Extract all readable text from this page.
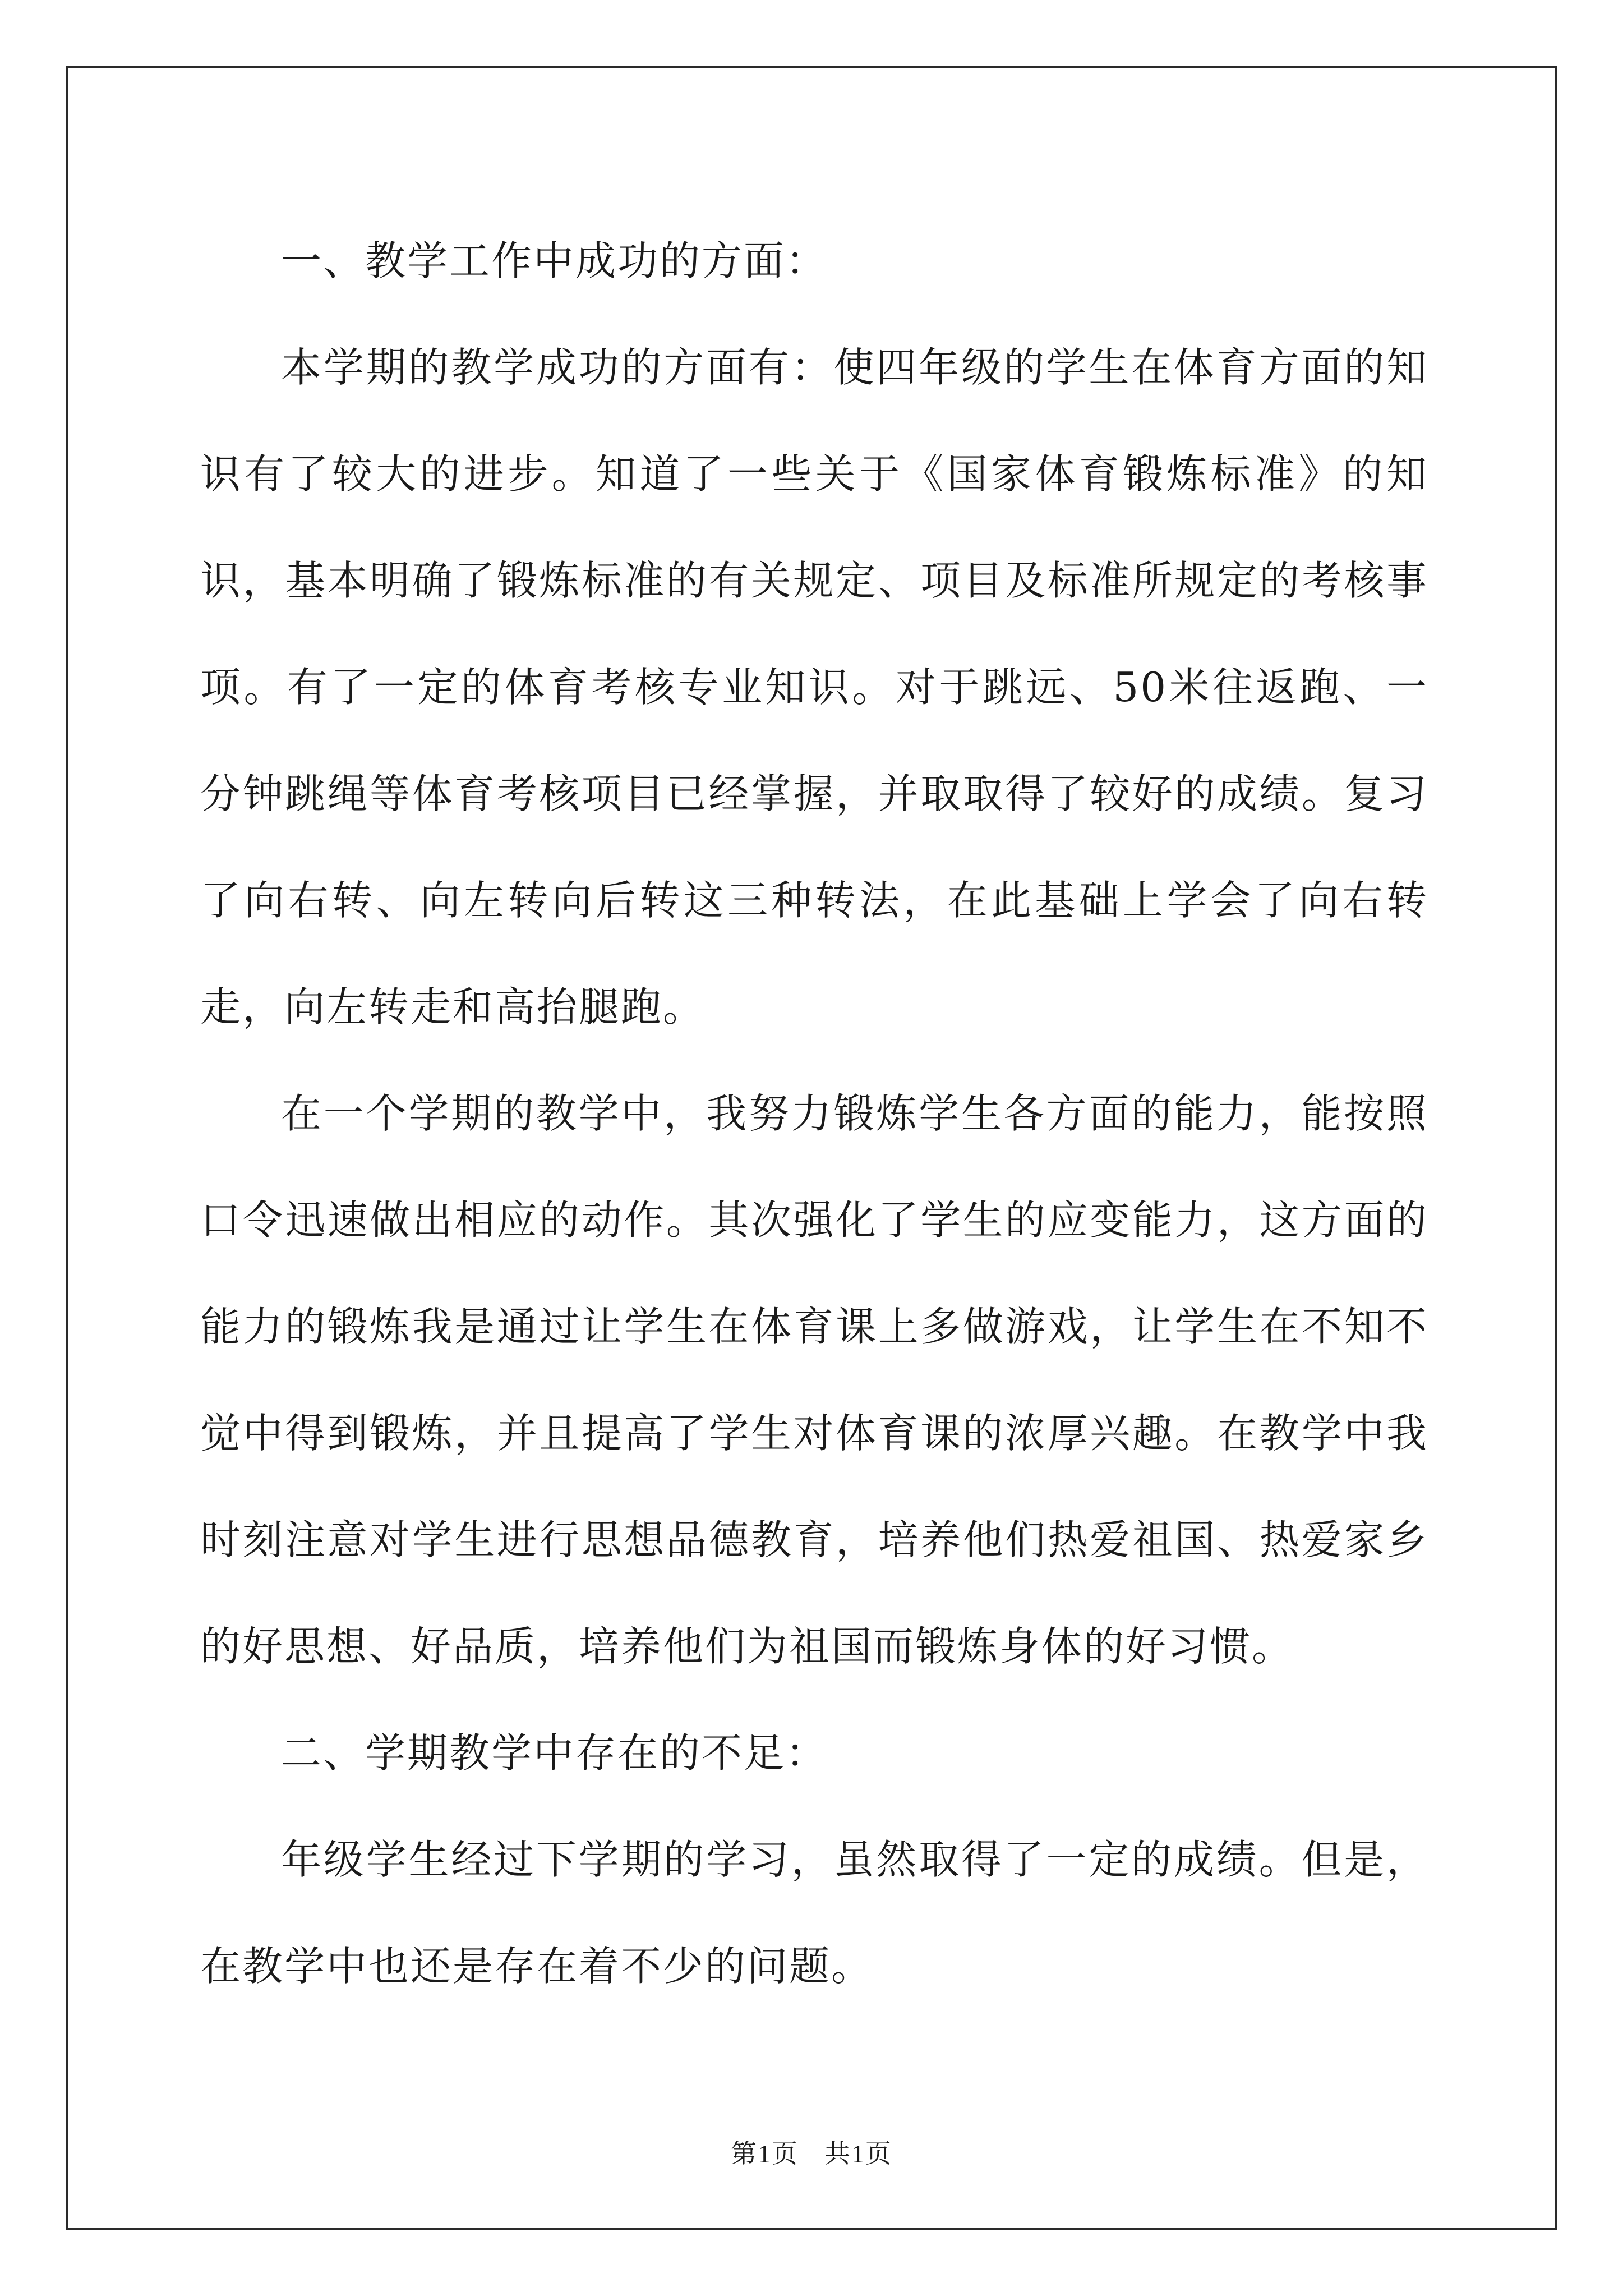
一、教学工作中成功的方面：

本学期的教学成功的方面有：使四年级的学生在体育方面的知识有了较大的进步。知道了一些关于《国家体育锻炼标准》的知识，基本明确了锻炼标准的有关规定、项目及标准所规定的考核事项。有了一定的体育考核专业知识。对于跳远、50米往返跑、一分钟跳绳等体育考核项目已经掌握，并取取得了较好的成绩。复习了向右转、向左转向后转这三种转法，在此基础上学会了向右转走，向左转走和高抬腿跑。

在一个学期的教学中，我努力锻炼学生各方面的能力，能按照口令迅速做出相应的动作。其次强化了学生的应变能力，这方面的能力的锻炼我是通过让学生在体育课上多做游戏，让学生在不知不觉中得到锻炼，并且提高了学生对体育课的浓厚兴趣。在教学中我时刻注意对学生进行思想品德教育，培养他们热爱祖国、热爱家乡的好思想、好品质，培养他们为祖国而锻炼身体的好习惯。

二、学期教学中存在的不足：

年级学生经过下学期的学习，虽然取得了一定的成绩。但是，在教学中也还是存在着不少的问题。

第1页 共1页
